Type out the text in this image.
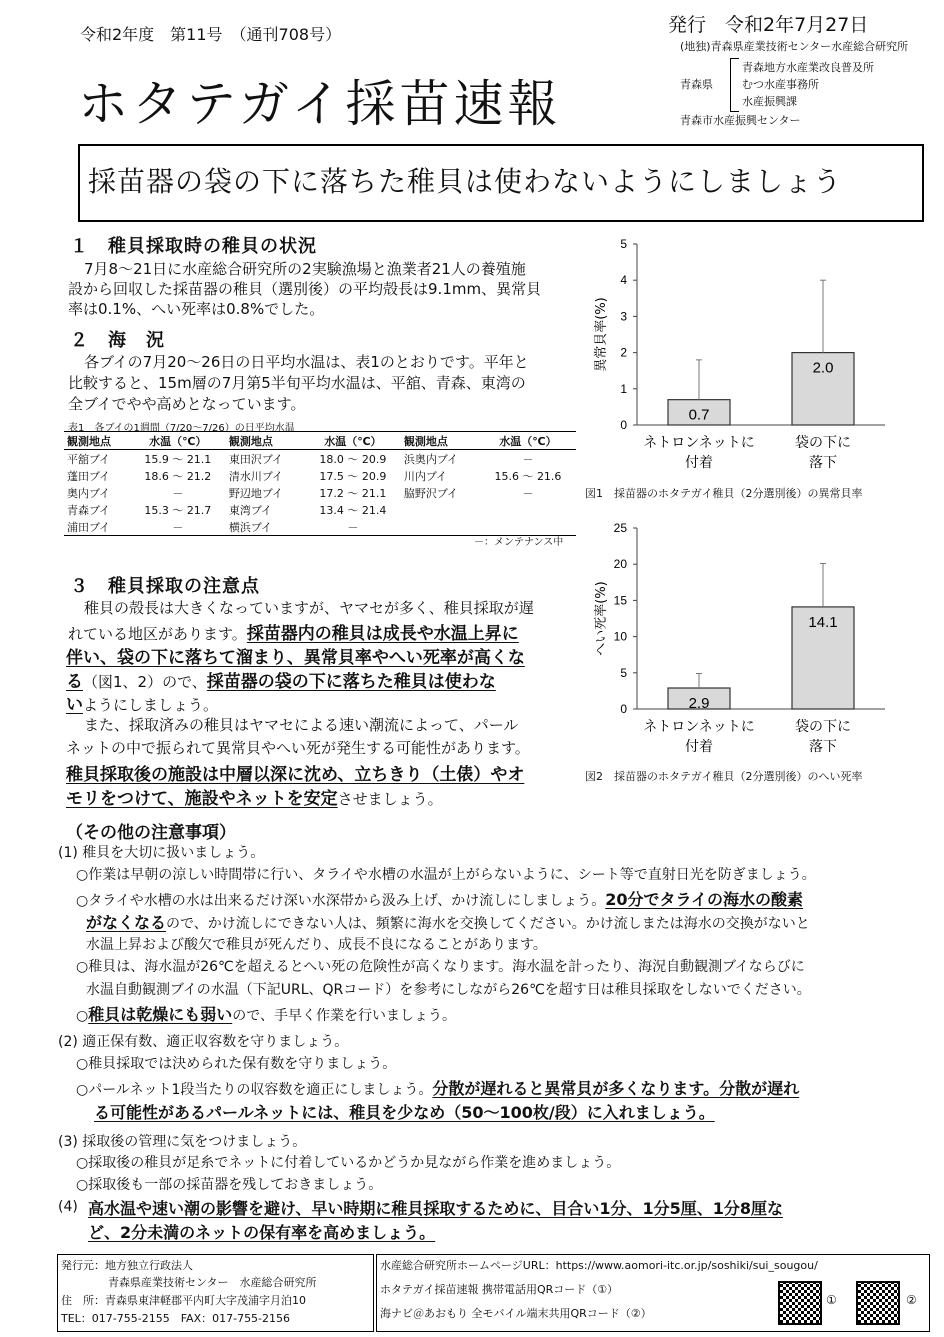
令和2年度　第11号　（通刊708号）
ホタテガイ採苗速報
発行　令和2年7月27日
(地独)青森県産業技術センター水産総合研究所
青森県
青森地方水産業改良普及所
むつ水産事務所
水産振興課
青森市水産振興センター
採苗器の袋の下に落ちた稚貝は使わないようにしましょう
１　稚貝採取時の稚貝の状況
7月8～21日に水産総合研究所の2実験漁場と漁業者21人の養殖施
設から回収した採苗器の稚貝（選別後）の平均殻長は9.1mm、異常貝
率は0.1%、へい死率は0.8%でした。
２　海　況
各ブイの7月20～26日の日平均水温は、表1のとおりです。平年と
比較すると、15m層の7月第5半旬平均水温は、平舘、青森、東湾の
全ブイでやや高めとなっています。
表1　各ブイの1週間（7/20～7/26）の日平均水温
観測地点	水温（℃）	観測地点	水温（℃）	観測地点	水温（℃）
平舘ブイ	15.9 ～ 21.1	東田沢ブイ	18.0 ～ 20.9	浜奥内ブイ	－
蓬田ブイ	18.6 ～ 21.2	清水川ブイ	17.5 ～ 20.9	川内ブイ	15.6 ～ 21.6
奥内ブイ	－	野辺地ブイ	17.2 ～ 21.1	脇野沢ブイ	－
青森ブイ	15.3 ～ 21.7	東湾ブイ	13.4 ～ 21.4		
浦田ブイ	－	横浜ブイ	－		
－：メンテナンス中
３　稚貝採取の注意点
稚貝の殻長は大きくなっていますが、ヤマセが多く、稚貝採取が遅
れている地区があります。採苗器内の稚貝は成長や水温上昇に
伴い、袋の下に落ちて溜まり、異常貝率やへい死率が高くな
る（図1、2）ので、採苗器の袋の下に落ちた稚貝は使わな
いようにしましょう。
また、採取済みの稚貝はヤマセによる速い潮流によって、パール
ネットの中で振られて異常貝やへい死が発生する可能性があります。
稚貝採取後の施設は中層以深に沈め、立ちきり（土俵）やオ
モリをつけて、施設やネットを安定させましょう。
0
1
2
3
4
5
異常貝率(%)
0.7
ネトロンネットに
付着
2.0
袋の下に
落下
図1　採苗器のホタテガイ稚貝（2分選別後）の異常貝率
0
5
10
15
20
25
へい死率(%)
2.9
ネトロンネットに
付着
14.1
袋の下に
落下
図2　採苗器のホタテガイ稚貝（2分選別後）のへい死率
（その他の注意事項）
(1) 稚貝を大切に扱いましょう。
○作業は早朝の涼しい時間帯に行い、タライや水槽の水温が上がらないように、シート等で直射日光を防ぎましょう。
○タライや水槽の水は出来るだけ深い水深帯から汲み上げ、かけ流しにしましょう。20分でタライの海水の酸素
がなくなるので、かけ流しにできない人は、頻繁に海水を交換してください。かけ流しまたは海水の交換がないと
水温上昇および酸欠で稚貝が死んだり、成長不良になることがあります。
○稚貝は、海水温が26℃を超えるとへい死の危険性が高くなります。海水温を計ったり、海況自動観測ブイならびに
水温自動観測ブイの水温（下記URL、QRコード）を参考にしながら26℃を超す日は稚貝採取をしないでください。
○稚貝は乾燥にも弱いので、手早く作業を行いましょう。
(2) 適正保有数、適正収容数を守りましょう。
○稚貝採取では決められた保有数を守りましょう。
○パールネット1段当たりの収容数を適正にしましょう。分散が遅れると異常貝が多くなります。分散が遅れ
る可能性があるパールネットには、稚貝を少なめ（50～100枚/段）に入れましょう。
(3) 採取後の管理に気をつけましょう。
○採取後の稚貝が足糸でネットに付着しているかどうか見ながら作業を進めましょう。
○採取後も一部の採苗器を残しておきましょう。
(4) 高水温や速い潮の影響を避け、早い時期に稚貝採取するために、目合い1分、1分5厘、1分8厘な
ど、2分未満のネットの保有率を高めましょう。
発行元：地方独立行政法人
青森県産業技術センター　水産総合研究所
住　所：青森県東津軽郡平内町大字茂浦字月泊10
TEL：017-755-2155　FAX：017-755-2156
水産総合研究所ホームページURL：https://www.aomori-itc.or.jp/soshiki/sui_sougou/
ホタテガイ採苗速報 携帯電話用QRコード（①）
海ナビ＠あおもり 全モバイル端末共用QRコード（②）
①	②
